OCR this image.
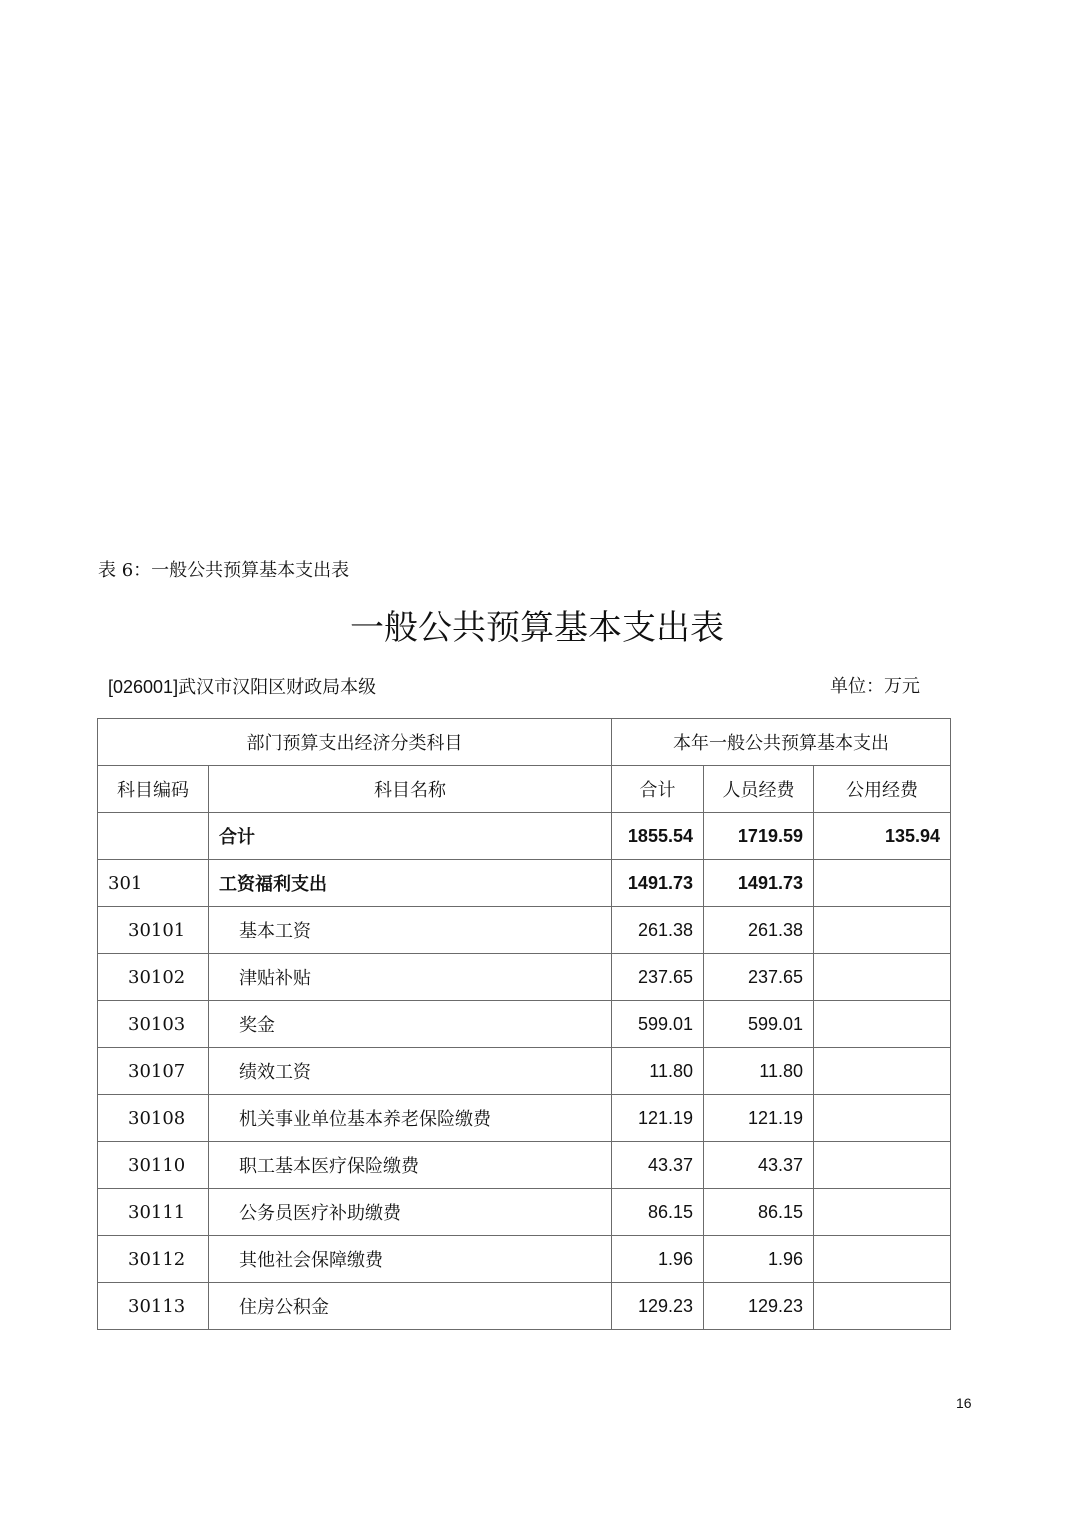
表 6：一般公共预算基本支出表
一般公共预算基本支出表
[026001]武汉市汉阳区财政局本级	单位：万元
部门预算支出经济分类科目		本年一般公共预算基本支出		
科目编码	科目名称	合计	人员经费	公用经费
	合计	1855.54	1719.59	135.94
301	工资福利支出	1491.73	1491.73	
30101	基本工资	261.38	261.38	
30102	津贴补贴	237.65	237.65	
30103	奖金	599.01	599.01	
30107	绩效工资	11.80	11.80	
30108	机关事业单位基本养老保险缴费	121.19	121.19	
30110	职工基本医疗保险缴费	43.37	43.37	
30111	公务员医疗补助缴费	86.15	86.15	
30112	其他社会保障缴费	1.96	1.96	
30113	住房公积金	129.23	129.23	
16
